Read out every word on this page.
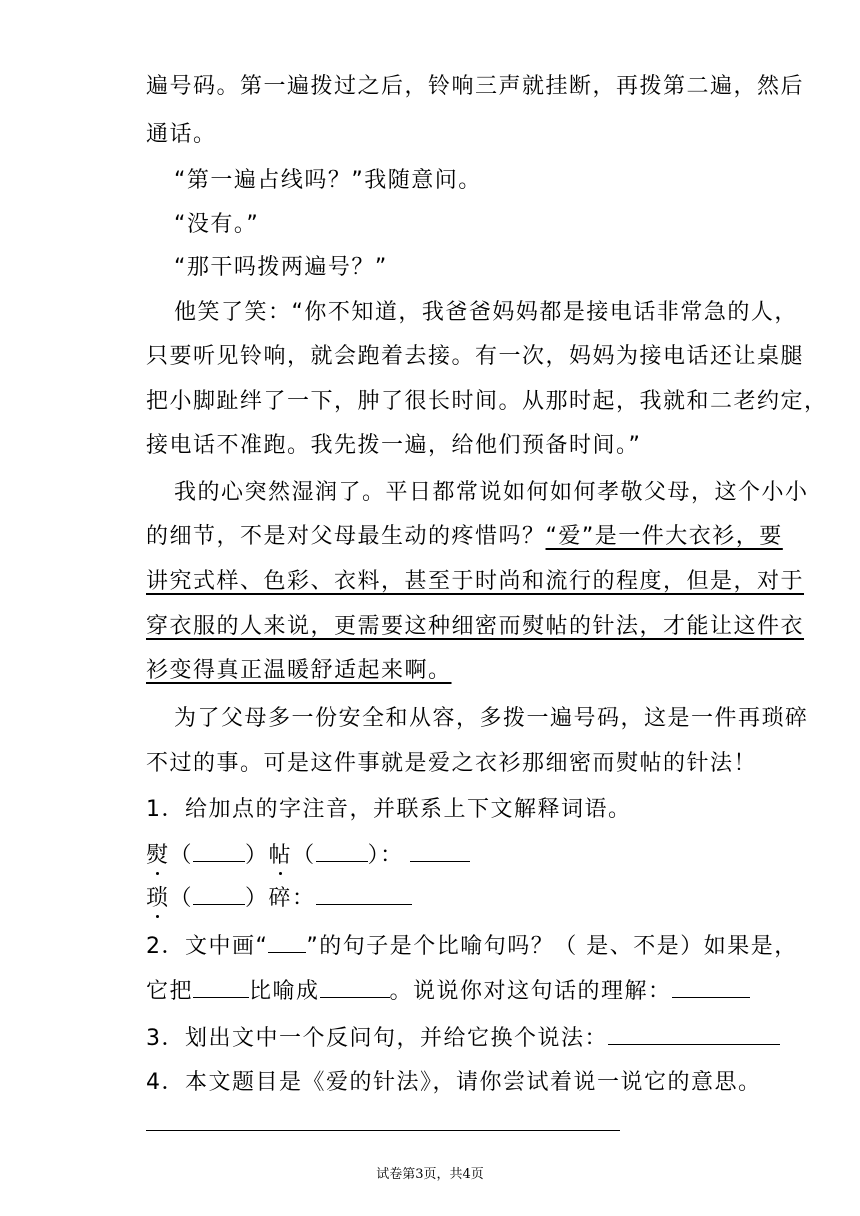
遍号码。第一遍拨过之后，铃响三声就挂断，再拨第二遍，然后
通话。
“第一遍占线吗？”我随意问。
“没有。”
“那干吗拨两遍号？”
他笑了笑：“你不知道，我爸爸妈妈都是接电话非常急的人，
只要听见铃响，就会跑着去接。有一次，妈妈为接电话还让桌腿
把小脚趾绊了一下，肿了很长时间。从那时起，我就和二老约定，
接电话不准跑。我先拨一遍，给他们预备时间。”
我的心突然湿润了。平日都常说如何如何孝敬父母，这个小小
的细节，不是对父母最生动的疼惜吗？“爱”是一件大衣衫，要
讲究式样、色彩、衣料，甚至于时尚和流行的程度，但是，对于
穿衣服的人来说，更需要这种细密而熨帖的针法，才能让这件衣
衫变得真正温暖舒适起来啊。
为了父母多一份安全和从容，多拨一遍号码，这是一件再琐碎
不过的事。可是这件事就是爱之衣衫那细密而熨帖的针法！
1．给加点的字注音，并联系上下文解释词语。
熨（ ）帖（ ）：
琐（ ）碎：
2．文中画“ ”的句子是个比喻句吗？（ 是、不是）如果是，
它把	比喻成	。说说你对这句话的理解：
3．划出文中一个反问句，并给它换个说法：
4．本文题目是《爱的针法》，请你尝试着说一说它的意思。
试卷第3页，共4页
